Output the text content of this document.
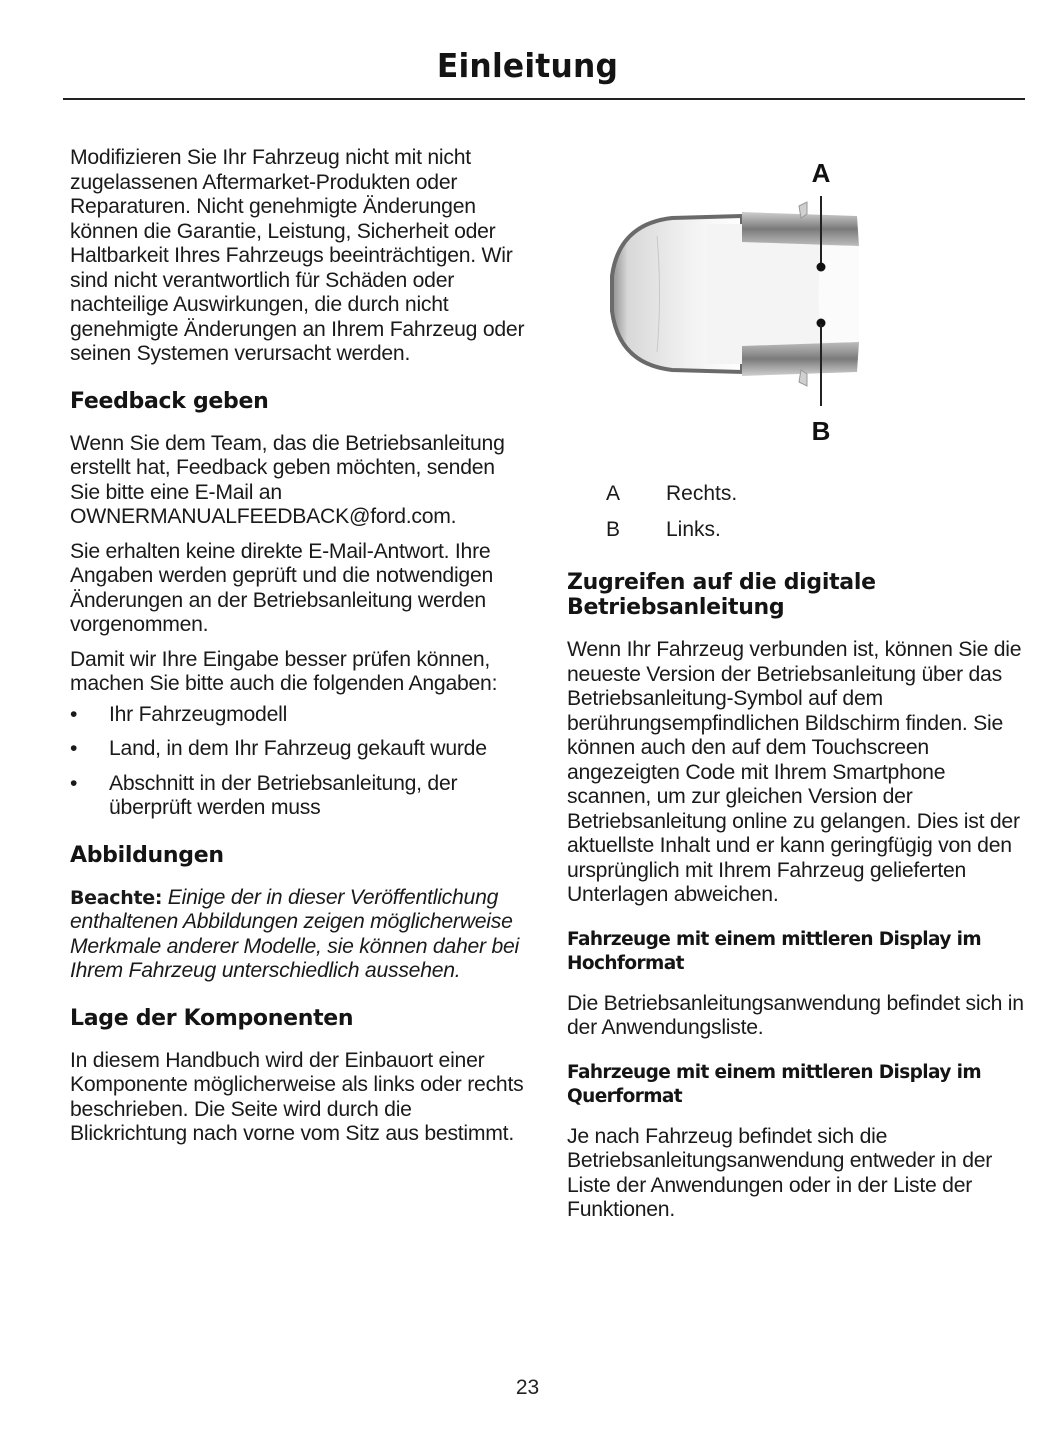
Einleitung

Modifizieren Sie Ihr Fahrzeug nicht mit nicht zugelassenen Aftermarket-Produkten oder Reparaturen. Nicht genehmigte Änderungen können die Garantie, Leistung, Sicherheit oder Haltbarkeit Ihres Fahrzeugs beeinträchtigen. Wir sind nicht verantwortlich für Schäden oder nachteilige Auswirkungen, die durch nicht genehmigte Änderungen an Ihrem Fahrzeug oder seinen Systemen verursacht werden.

Feedback geben

Wenn Sie dem Team, das die Betriebsanleitung erstellt hat, Feedback geben möchten, senden Sie bitte eine E-Mail an

OWNERMANUALFEEDBACK@ford.com.

Sie erhalten keine direkte E-Mail-Antwort. Ihre Angaben werden geprüft und die notwendigen Änderungen an der Betriebsanleitung werden vorgenommen.

Damit wir Ihre Eingabe besser prüfen können, machen Sie bitte auch die folgenden Angaben:

• Ihr Fahrzeugmodell
• Land, in dem Ihr Fahrzeug gekauft wurde
• Abschnitt in der Betriebsanleitung, der überprüft werden muss
Abbildungen

Beachte: Einige der in dieser Veröffentlichung enthaltenen Abbildungen zeigen möglicherweise Merkmale anderer Modelle, sie können daher bei Ihrem Fahrzeug unterschiedlich aussehen.

Lage der Komponenten

In diesem Handbuch wird der Einbauort einer Komponente möglicherweise als links oder rechts beschrieben. Die Seite wird durch die Blickrichtung nach vorne vom Sitz aus bestimmt.

A
B
A	Rechts.
B	Links.
Zugreifen auf die digitale Betriebsanleitung

Wenn Ihr Fahrzeug verbunden ist, können Sie die neueste Version der Betriebsanleitung über das Betriebsanleitung-Symbol auf dem berührungsempfindlichen Bildschirm finden. Sie können auch den auf dem Touchscreen angezeigten Code mit Ihrem Smartphone scannen, um zur gleichen Version der Betriebsanleitung online zu gelangen. Dies ist der aktuellste Inhalt und er kann geringfügig von den ursprünglich mit Ihrem Fahrzeug gelieferten Unterlagen abweichen.

Fahrzeuge mit einem mittleren Display im Hochformat

Die Betriebsanleitungsanwendung befindet sich in der Anwendungsliste.

Fahrzeuge mit einem mittleren Display im Querformat

Je nach Fahrzeug befindet sich die Betriebsanleitungsanwendung entweder in der Liste der Anwendungen oder in der Liste der Funktionen.

23
